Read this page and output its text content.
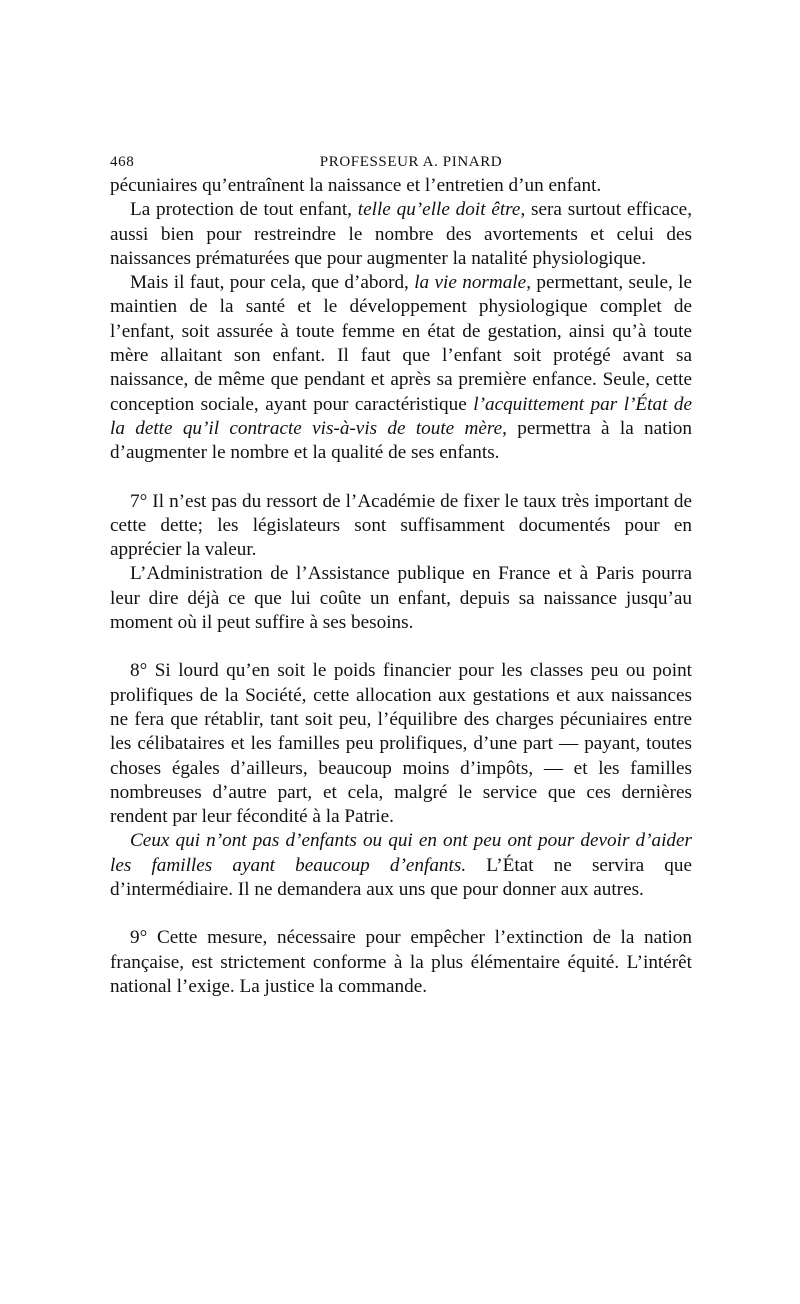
468	PROFESSEUR A. PINARD

pécuniaires qu’entraînent la naissance et l’entretien d’un enfant.

La protection de tout enfant, telle qu’elle doit être, sera surtout efficace, aussi bien pour restreindre le nombre des avortements et celui des naissances prématurées que pour augmenter la natalité physiologique.

Mais il faut, pour cela, que d’abord, la vie normale, permettant, seule, le maintien de la santé et le développement physiologique complet de l’enfant, soit assurée à toute femme en état de gestation, ainsi qu’à toute mère allaitant son enfant. Il faut que l’enfant soit protégé avant sa naissance, de même que pendant et après sa première enfance. Seule, cette conception sociale, ayant pour caractéristique l’acquittement par l’État de la dette qu’il contracte vis-à-vis de toute mère, permettra à la nation d’augmenter le nombre et la qualité de ses enfants.

7° Il n’est pas du ressort de l’Académie de fixer le taux très important de cette dette; les législateurs sont suffisamment documentés pour en apprécier la valeur.

L’Administration de l’Assistance publique en France et à Paris pourra leur dire déjà ce que lui coûte un enfant, depuis sa naissance jusqu’au moment où il peut suffire à ses besoins.

8° Si lourd qu’en soit le poids financier pour les classes peu ou point prolifiques de la Société, cette allocation aux gestations et aux naissances ne fera que rétablir, tant soit peu, l’équilibre des charges pécuniaires entre les célibataires et les familles peu prolifiques, d’une part — payant, toutes choses égales d’ailleurs, beaucoup moins d’impôts, — et les familles nombreuses d’autre part, et cela, malgré le service que ces dernières rendent par leur fécondité à la Patrie.

Ceux qui n’ont pas d’enfants ou qui en ont peu ont pour devoir d’aider les familles ayant beaucoup d’enfants. L’État ne servira que d’intermédiaire. Il ne demandera aux uns que pour donner aux autres.

9° Cette mesure, nécessaire pour empêcher l’extinction de la nation française, est strictement conforme à la plus élémentaire équité. L’intérêt national l’exige. La justice la commande.
